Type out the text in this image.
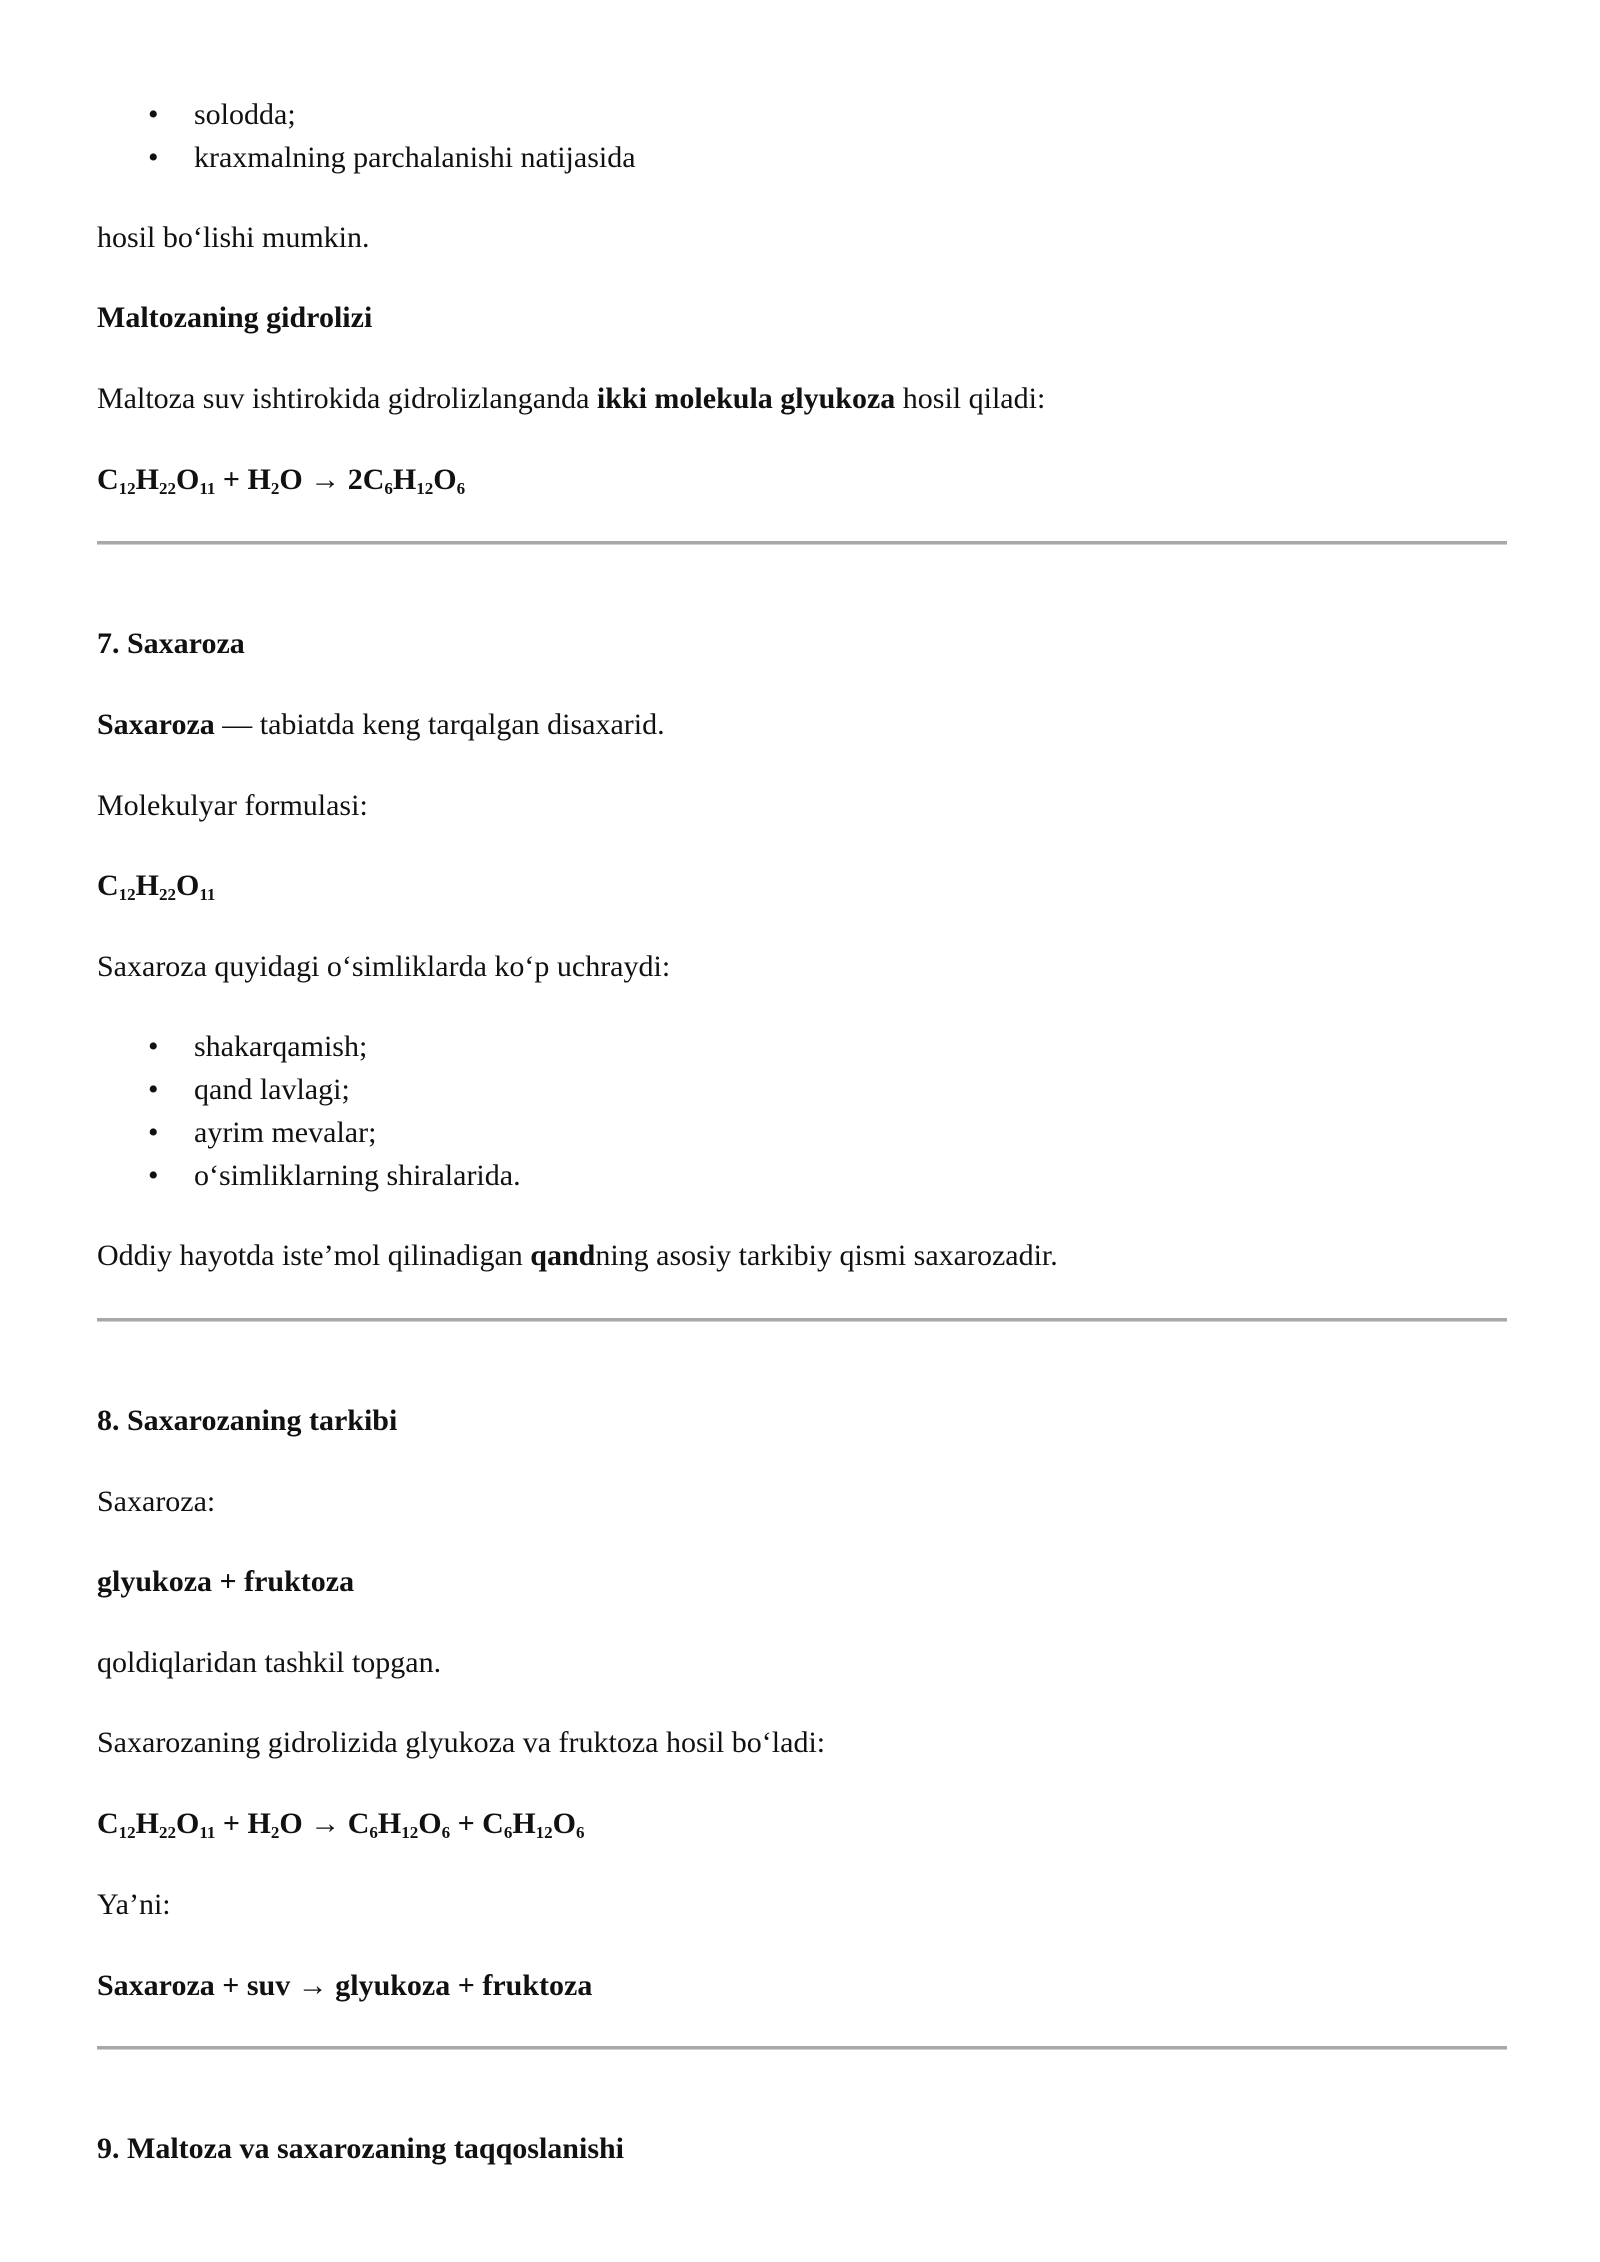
• solodda;
• kraxmalning parchalanishi natijasida
hosil bo‘lishi mumkin.
Maltozaning gidrolizi
Maltoza suv ishtirokida gidrolizlanganda ikki molekula glyukoza hosil qiladi:
$C_{12}H_{22}O_{11} + H_2O \to 2C_6H_{12}O_6$
7. Saxaroza
Saxaroza — tabiatda keng tarqalgan disaxarid.
Molekulyar formulasi:
$C_{12}H_{22}O_{11}$
Saxaroza quyidagi o‘simliklarda ko‘p uchraydi:
• shakarqamish;
• qand lavlagi;
• ayrim mevalar;
• o‘simliklarning shiralarida.
Oddiy hayotda iste’mol qilinadigan qandning asosiy tarkibiy qismi saxarozadir.
8. Saxarozaning tarkibi
Saxaroza:
glyukoza + fruktoza
qoldiqlaridan tashkil topgan.
Saxarozaning gidrolizida glyukoza va fruktoza hosil bo‘ladi:
$C_{12}H_{22}O_{11} + H_2O \to C_6H_{12}O_6 + C_6H_{12}O_6$
Ya’ni:
Saxaroza + suv → glyukoza + fruktoza
9. Maltoza va saxarozaning taqqoslanishi
